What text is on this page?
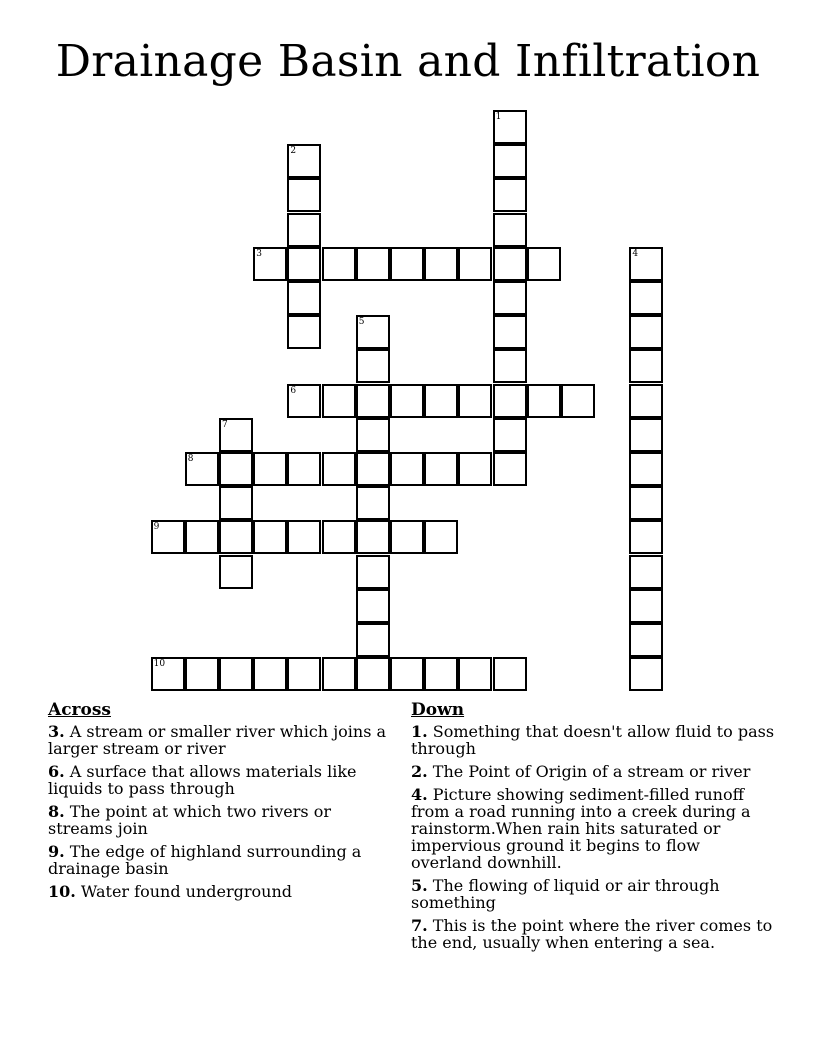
Drainage Basin and Infiltration
1
2
3	4
5
6
7
8
9
10
Across
3. A stream or smaller river which joins a larger stream or river
6. A surface that allows materials like liquids to pass through
8. The point at which two rivers or streams join
9. The edge of highland surrounding a drainage basin
10. Water found underground
Down
1. Something that doesn't allow fluid to pass through
2. The Point of Origin of a stream or river
4. Picture showing sediment-filled runoff from a road running into a creek during a rainstorm.When rain hits saturated or impervious ground it begins to flow overland downhill.
5. The flowing of liquid or air through something
7. This is the point where the river comes to the end, usually when entering a sea.
